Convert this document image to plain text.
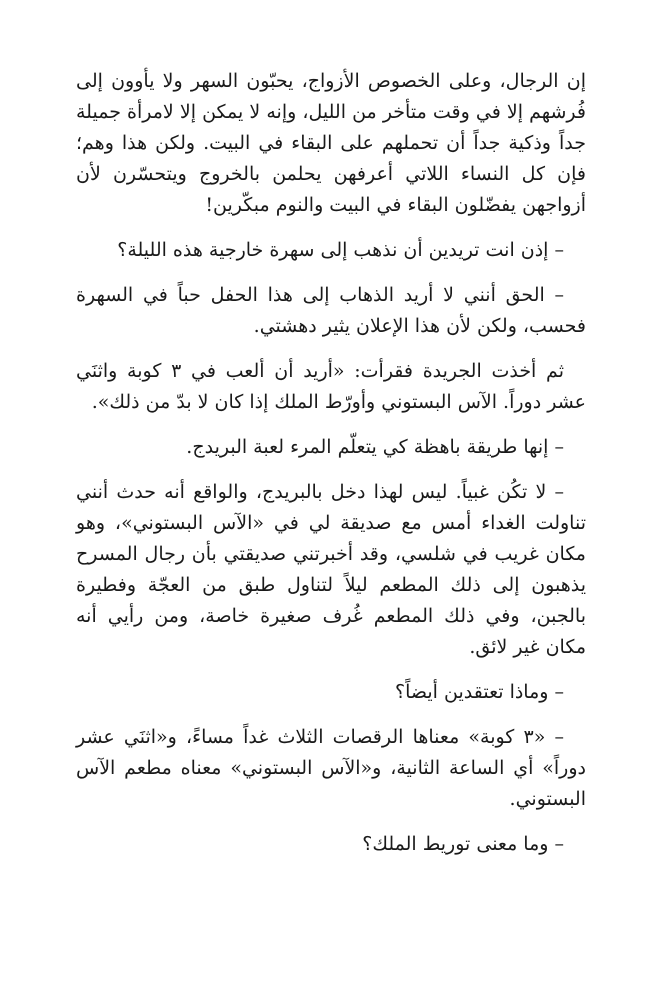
إن الرجال، وعلى الخصوص الأزواج، يحبّون السهر ولا يأوون إلى فُرشهم إلا في وقت متأخر من الليل، وإنه لا يمكن إلا لامرأة جميلة جداً وذكية جداً أن تحملهم على البقاء في البيت. ولكن هذا وهم؛ فإن كل النساء اللاتي أعرفهن يحلمن بالخروج ويتحسّرن لأن أزواجهن يفضّلون البقاء في البيت والنوم مبكّرين!

– إذن انت تريدين أن نذهب إلى سهرة خارجية هذه الليلة؟

– الحق أنني لا أريد الذهاب إلى هذا الحفل حباً في السهرة فحسب، ولكن لأن هذا الإعلان يثير دهشتي.

ثم أخذت الجريدة فقرأت: «أريد أن ألعب في ٣ كوبة واثنَي عشر دوراً. الآس البستوني وأورّط الملك إذا كان لا بدّ من ذلك».

– إنها طريقة باهظة كي يتعلّم المرء لعبة البريدج.

– لا تكُن غبياً. ليس لهذا دخل بالبريدج، والواقع أنه حدث أنني تناولت الغداء أمس مع صديقة لي في «الآس البستوني»، وهو مكان غريب في شلسي، وقد أخبرتني صديقتي بأن رجال المسرح يذهبون إلى ذلك المطعم ليلاً لتناول طبق من العجّة وفطيرة بالجبن، وفي ذلك المطعم غُرف صغيرة خاصة، ومن رأيي أنه مكان غير لائق.

– وماذا تعتقدين أيضاً؟

– «٣ كوبة» معناها الرقصات الثلاث غداً مساءً، و«اثنَي عشر دوراً» أي الساعة الثانية، و«الآس البستوني» معناه مطعم الآس البستوني.

– وما معنى توريط الملك؟
